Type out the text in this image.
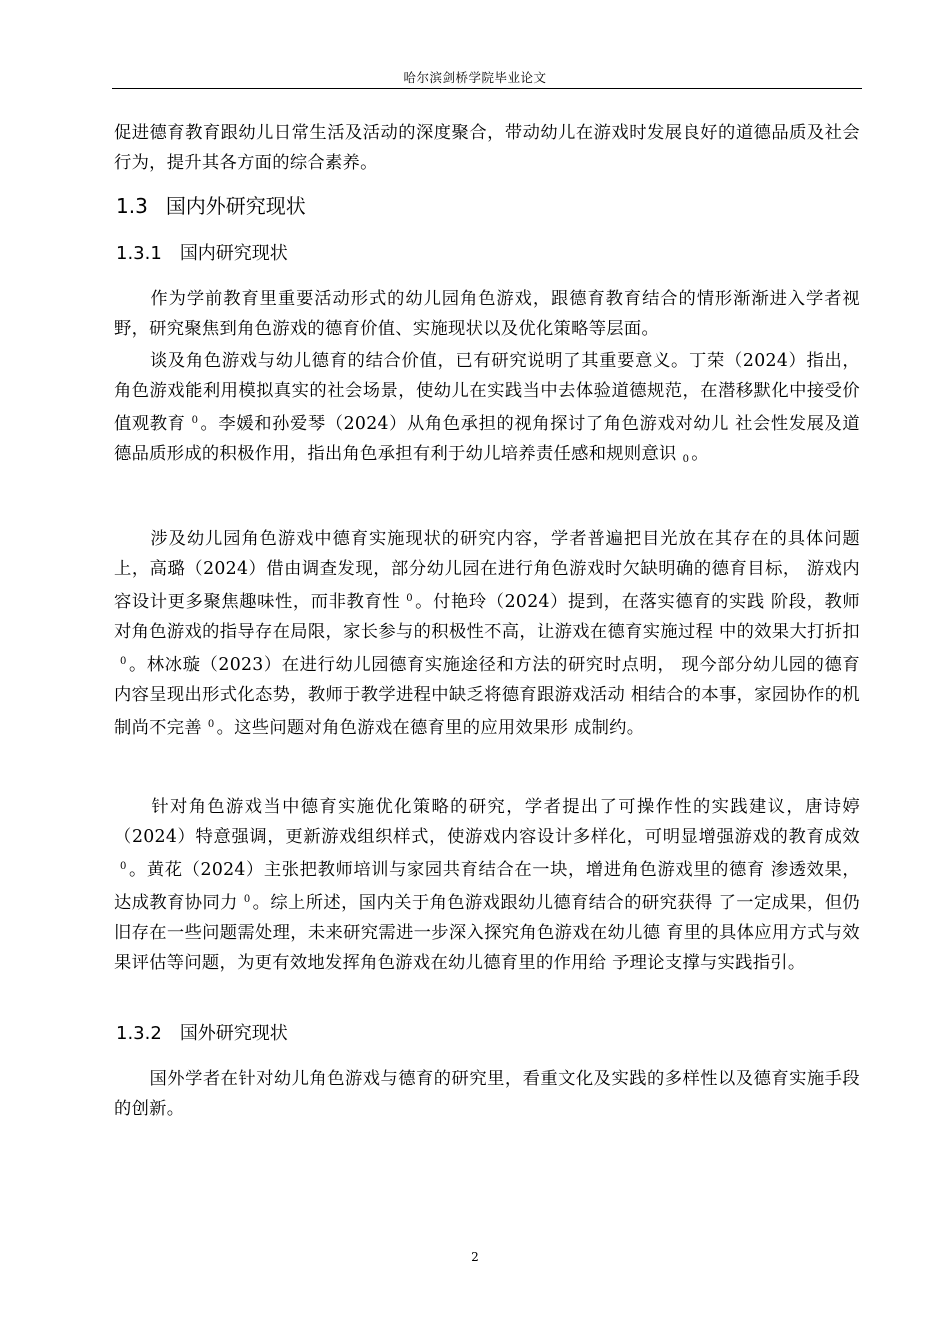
哈尔滨剑桥学院毕业论文

促进德育教育跟幼儿日常生活及活动的深度聚合，带动幼儿在游戏时发展良好的道德品质及社会行为，提升其各方面的综合素养。

1.3 国内外研究现状
1.3.1 国内研究现状

　　作为学前教育里重要活动形式的幼儿园角色游戏，跟德育教育结合的情形渐渐进入学者视野，研究聚焦到角色游戏的德育价值、实施现状以及优化策略等层面。

　　谈及角色游戏与幼儿德育的结合价值，已有研究说明了其重要意义。丁荣（2024）指出，角色游戏能利用模拟真实的社会场景，使幼儿在实践当中去体验道德规范，在潜移默化中接受价值观教育 $^0$ 。李媛和孙爱琴（2024）从角色承担的视角探讨了角色游戏对幼儿 社会性发展及道德品质形成的积极作用，指出角色承担有利于幼儿培养责任感和规则意识 $_0$ 。

　　涉及幼儿园角色游戏中德育实施现状的研究内容，学者普遍把目光放在其存在的具体问题上，高璐（2024）借由调查发现，部分幼儿园在进行角色游戏时欠缺明确的德育目标， 游戏内容设计更多聚焦趣味性，而非教育性 $^0$ 。付艳玲（2024）提到，在落实德育的实践 阶段，教师对角色游戏的指导存在局限，家长参与的积极性不高，让游戏在德育实施过程 中的效果大打折扣$^0$ 。林冰璇（2023）在进行幼儿园德育实施途径和方法的研究时点明， 现今部分幼儿园的德育内容呈现出形式化态势，教师于教学进程中缺乏将德育跟游戏活动 相结合的本事，家园协作的机制尚不完善 $^0$ 。这些问题对角色游戏在德育里的应用效果形 成制约。

　　针对角色游戏当中德育实施优化策略的研究，学者提出了可操作性的实践建议，唐诗婷（2024）特意强调，更新游戏组织样式，使游戏内容设计多样化，可明显增强游戏的教育成效$^0$ 。黄花（2024）主张把教师培训与家园共育结合在一块，增进角色游戏里的德育 渗透效果，达成教育协同力 $^0$ 。综上所述，国内关于角色游戏跟幼儿德育结合的研究获得 了一定成果，但仍旧存在一些问题需处理，未来研究需进一步深入探究角色游戏在幼儿德 育里的具体应用方式与效果评估等问题，为更有效地发挥角色游戏在幼儿德育里的作用给 予理论支撑与实践指引。

1.3.2 国外研究现状

　　国外学者在针对幼儿角色游戏与德育的研究里，看重文化及实践的多样性以及德育实施手段的创新。

2
